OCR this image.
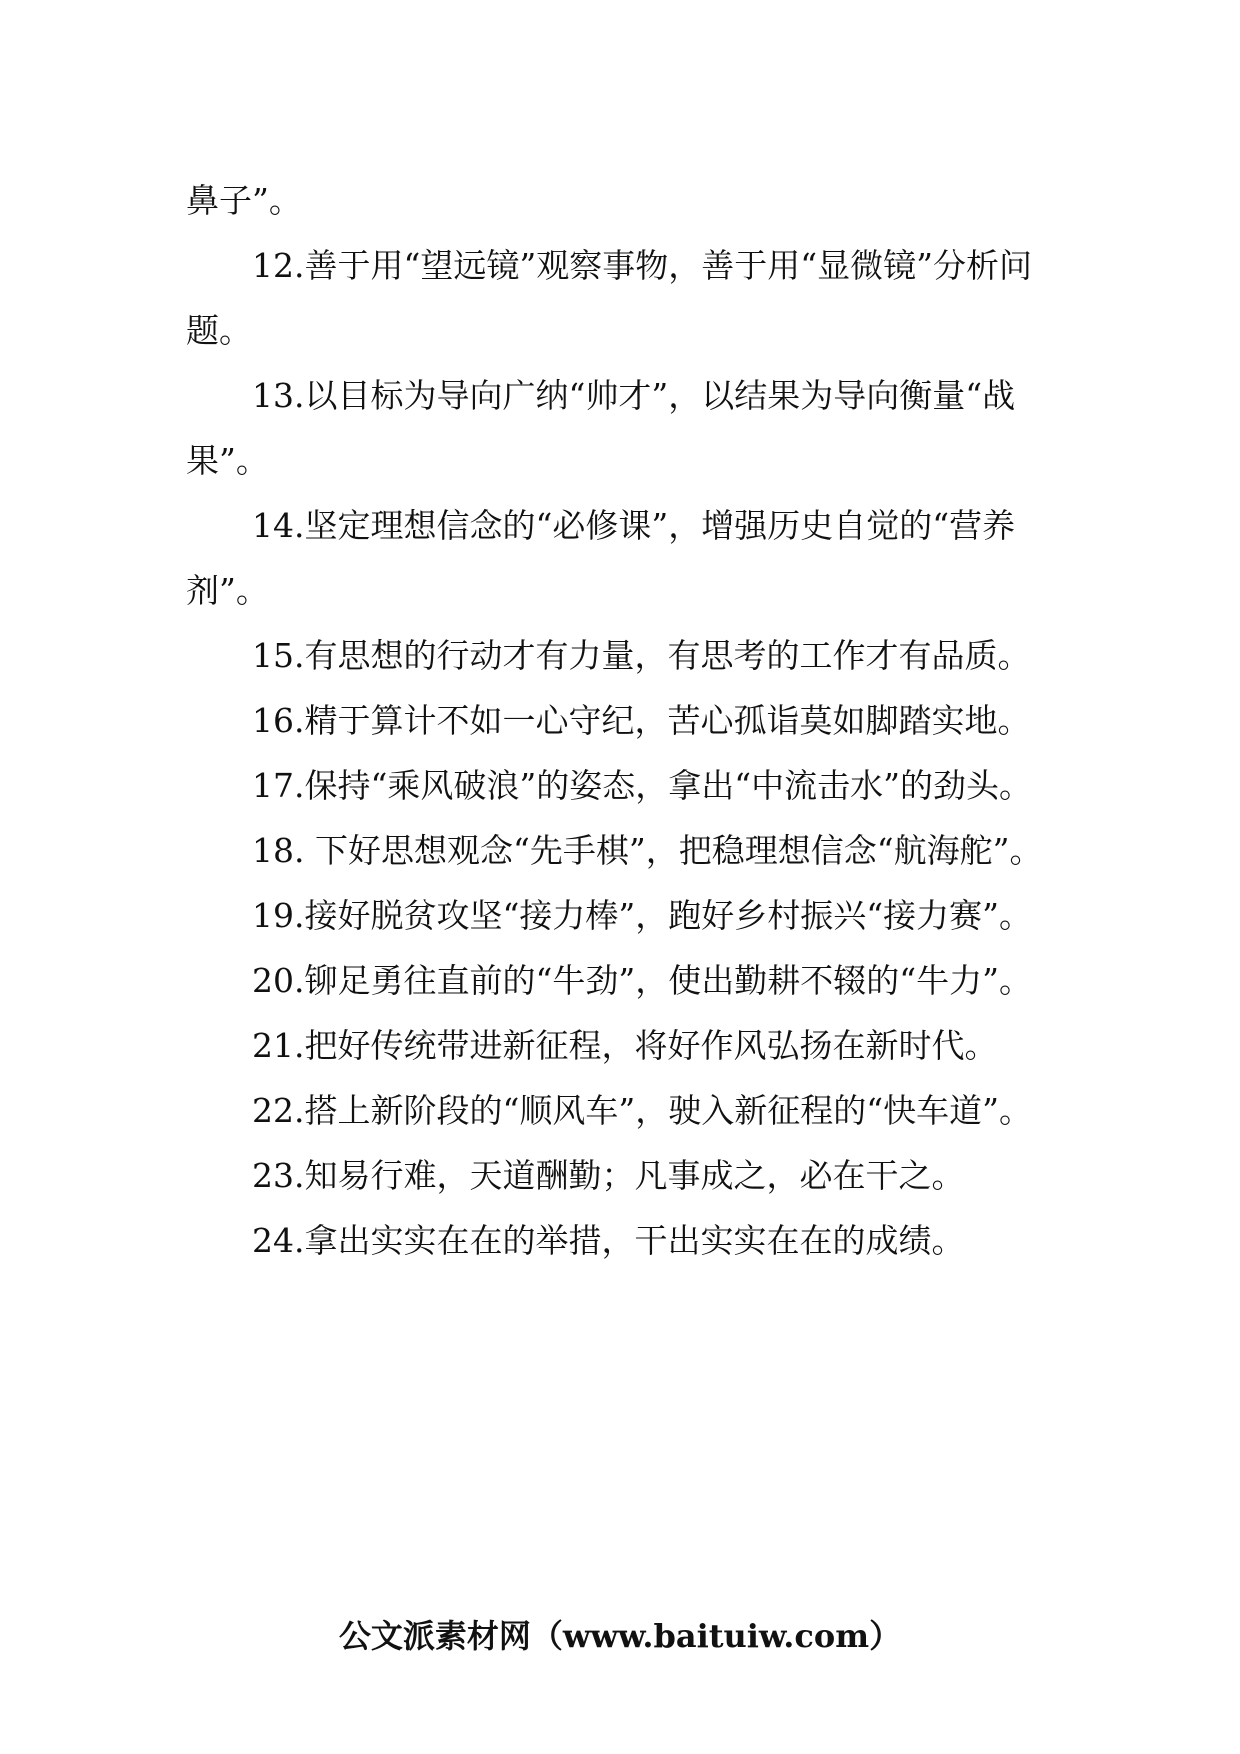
鼻子”。

12.善于用“望远镜”观察事物，善于用“显微镜”分析问题。

13.以目标为导向广纳“帅才”，以结果为导向衡量“战果”。

14.坚定理想信念的“必修课”，增强历史自觉的“营养剂”。

15.有思想的行动才有力量，有思考的工作才有品质。

16.精于算计不如一心守纪，苦心孤诣莫如脚踏实地。

17.保持“乘风破浪”的姿态，拿出“中流击水”的劲头。

18. 下好思想观念“先手棋”，把稳理想信念“航海舵”。

19.接好脱贫攻坚“接力棒”，跑好乡村振兴“接力赛”。

20.铆足勇往直前的“牛劲”，使出勤耕不辍的“牛力”。

21.把好传统带进新征程，将好作风弘扬在新时代。

22.搭上新阶段的“顺风车”，驶入新征程的“快车道”。

23.知易行难，天道酬勤；凡事成之，必在干之。

24.拿出实实在在的举措，干出实实在在的成绩。

公文派素材网（www.baituiw.com）
